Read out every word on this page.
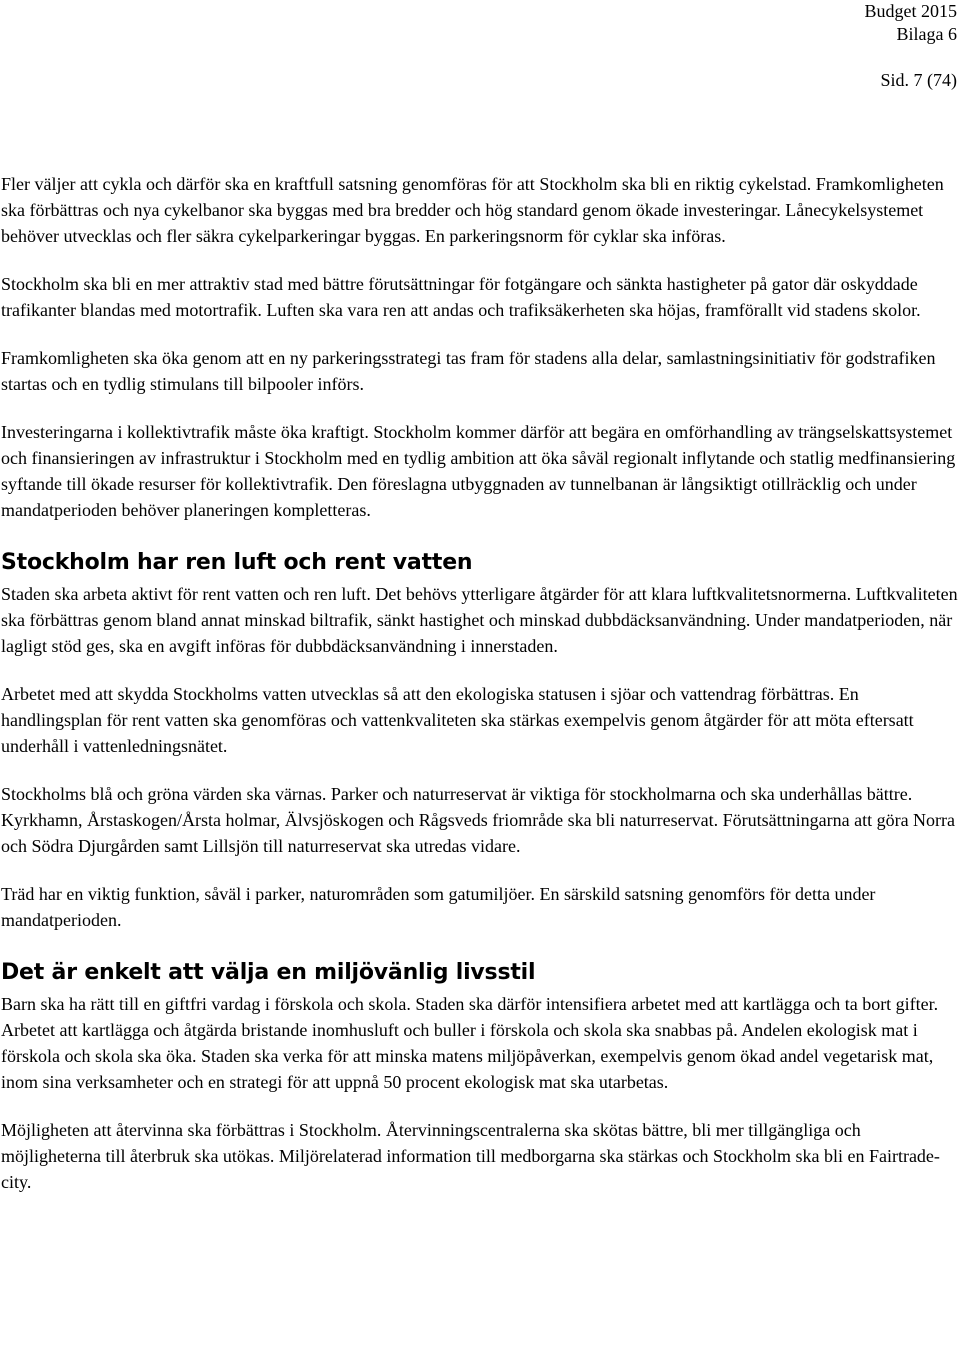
Budget 2015
Bilaga 6
Sid. 7 (74)

Fler väljer att cykla och därför ska en kraftfull satsning genomföras för att Stockholm ska bli en riktig cykelstad. Framkomligheten ska förbättras och nya cykelbanor ska byggas med bra bredder och hög standard genom ökade investeringar. Lånecykelsystemet behöver utvecklas och fler säkra cykelparkeringar byggas. En parkeringsnorm för cyklar ska införas.

Stockholm ska bli en mer attraktiv stad med bättre förutsättningar för fotgängare och sänkta hastigheter på gator där oskyddade trafikanter blandas med motortrafik. Luften ska vara ren att andas och trafiksäkerheten ska höjas, framförallt vid stadens skolor.

Framkomligheten ska öka genom att en ny parkeringsstrategi tas fram för stadens alla delar, samlastningsinitiativ för godstrafiken startas och en tydlig stimulans till bilpooler införs.

Investeringarna i kollektivtrafik måste öka kraftigt. Stockholm kommer därför att begära en omförhandling av trängselskattsystemet och finansieringen av infrastruktur i Stockholm med en tydlig ambition att öka såväl regionalt inflytande och statlig medfinansiering syftande till ökade resurser för kollektivtrafik. Den föreslagna utbyggnaden av tunnelbanan är långsiktigt otillräcklig och under mandatperioden behöver planeringen kompletteras.

Stockholm har ren luft och rent vatten

Staden ska arbeta aktivt för rent vatten och ren luft. Det behövs ytterligare åtgärder för att klara luftkvalitetsnormerna. Luftkvaliteten ska förbättras genom bland annat minskad biltrafik, sänkt hastighet och minskad dubbdäcksanvändning. Under mandatperioden, när lagligt stöd ges, ska en avgift införas för dubbdäcksanvändning i innerstaden.

Arbetet med att skydda Stockholms vatten utvecklas så att den ekologiska statusen i sjöar och vattendrag förbättras. En handlingsplan för rent vatten ska genomföras och vattenkvaliteten ska stärkas exempelvis genom åtgärder för att möta eftersatt underhåll i vattenledningsnätet.

Stockholms blå och gröna värden ska värnas. Parker och naturreservat är viktiga för stockholmarna och ska underhållas bättre. Kyrkhamn, Årstaskogen/Årsta holmar, Älvsjöskogen och Rågsveds friområde ska bli naturreservat. Förutsättningarna att göra Norra och Södra Djurgården samt Lillsjön till naturreservat ska utredas vidare.

Träd har en viktig funktion, såväl i parker, naturområden som gatumiljöer. En särskild satsning genomförs för detta under mandatperioden.

Det är enkelt att välja en miljövänlig livsstil

Barn ska ha rätt till en giftfri vardag i förskola och skola. Staden ska därför intensifiera arbetet med att kartlägga och ta bort gifter. Arbetet att kartlägga och åtgärda bristande inomhusluft och buller i förskola och skola ska snabbas på. Andelen ekologisk mat i förskola och skola ska öka. Staden ska verka för att minska matens miljöpåverkan, exempelvis genom ökad andel vegetarisk mat, inom sina verksamheter och en strategi för att uppnå 50 procent ekologisk mat ska utarbetas.

Möjligheten att återvinna ska förbättras i Stockholm. Återvinningscentralerna ska skötas bättre, bli mer tillgängliga och möjligheterna till återbruk ska utökas. Miljörelaterad information till medborgarna ska stärkas och Stockholm ska bli en Fairtrade-city.
